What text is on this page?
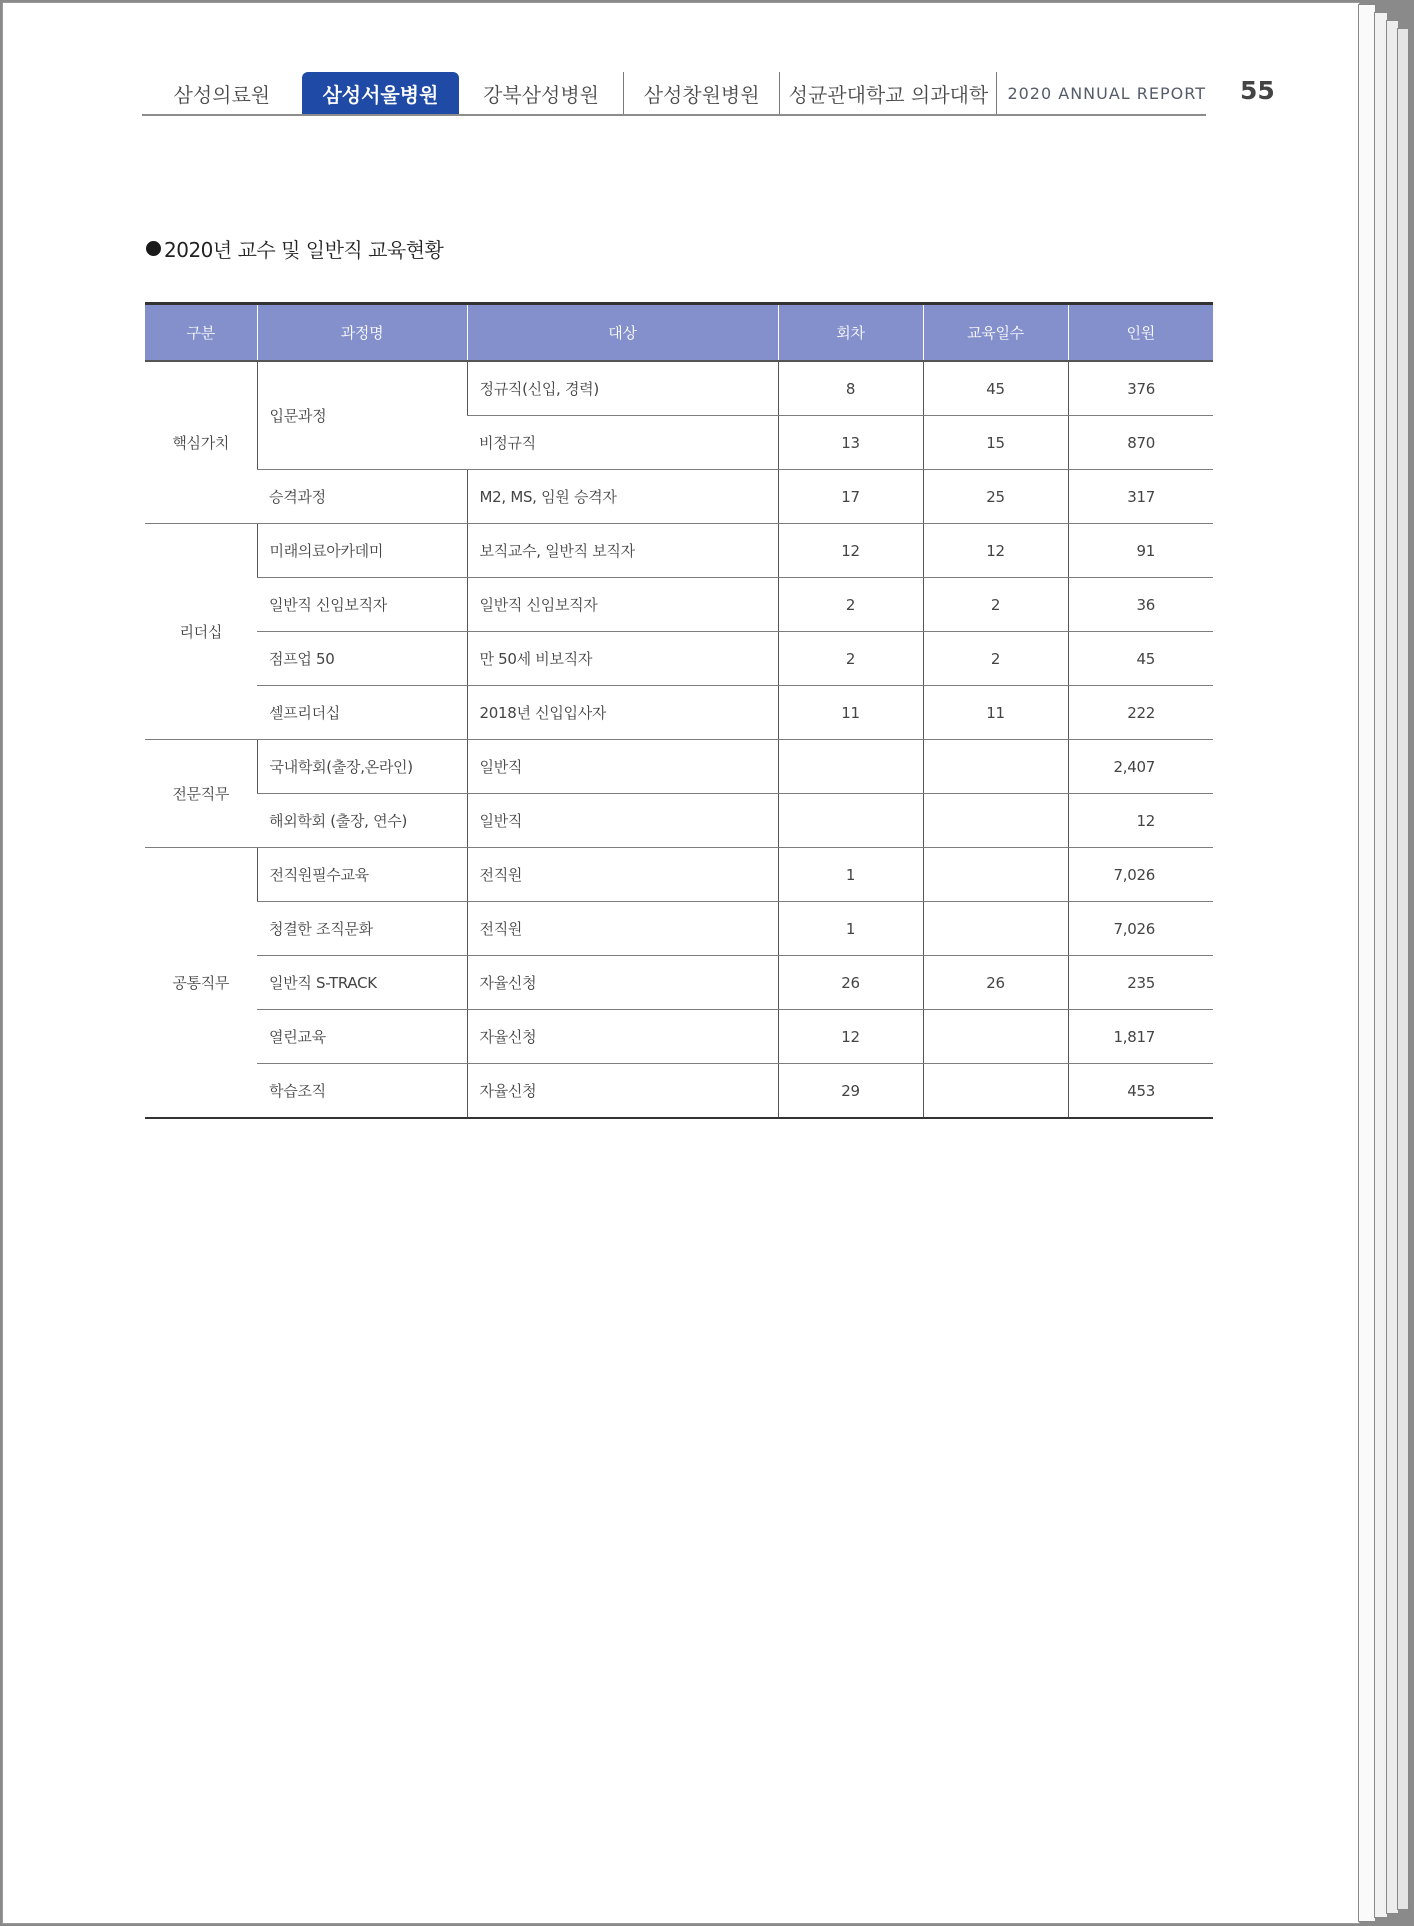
삼성의료원	삼성서울병원	강북삼성병원	삼성창원병원	성균관대학교 의과대학	2020 ANNUAL REPORT 55
2020년 교수 및 일반직 교육현황
구분	과정명	대상	회차	교육일수	인원
핵심가치	입문과정	정규직(신입, 경력)	8	45	376
		비정규직	13	15	870
	승격과정	M2, MS, 임원 승격자	17	25	317
리더십	미래의료아카데미	보직교수, 일반직 보직자	12	12	91
	일반직 신임보직자	일반직 신임보직자	2	2	36
	점프업 50	만 50세 비보직자	2	2	45
	셀프리더십	2018년 신입입사자	11	11	222
전문직무	국내학회(출장,온라인)	일반직			2,407
	해외학회 (출장, 연수)	일반직			12
공통직무	전직원필수교육	전직원	1		7,026
	청결한 조직문화	전직원	1		7,026
	일반직 S-TRACK	자율신청	26	26	235
	열린교육	자율신청	12		1,817
	학습조직	자율신청	29		453
